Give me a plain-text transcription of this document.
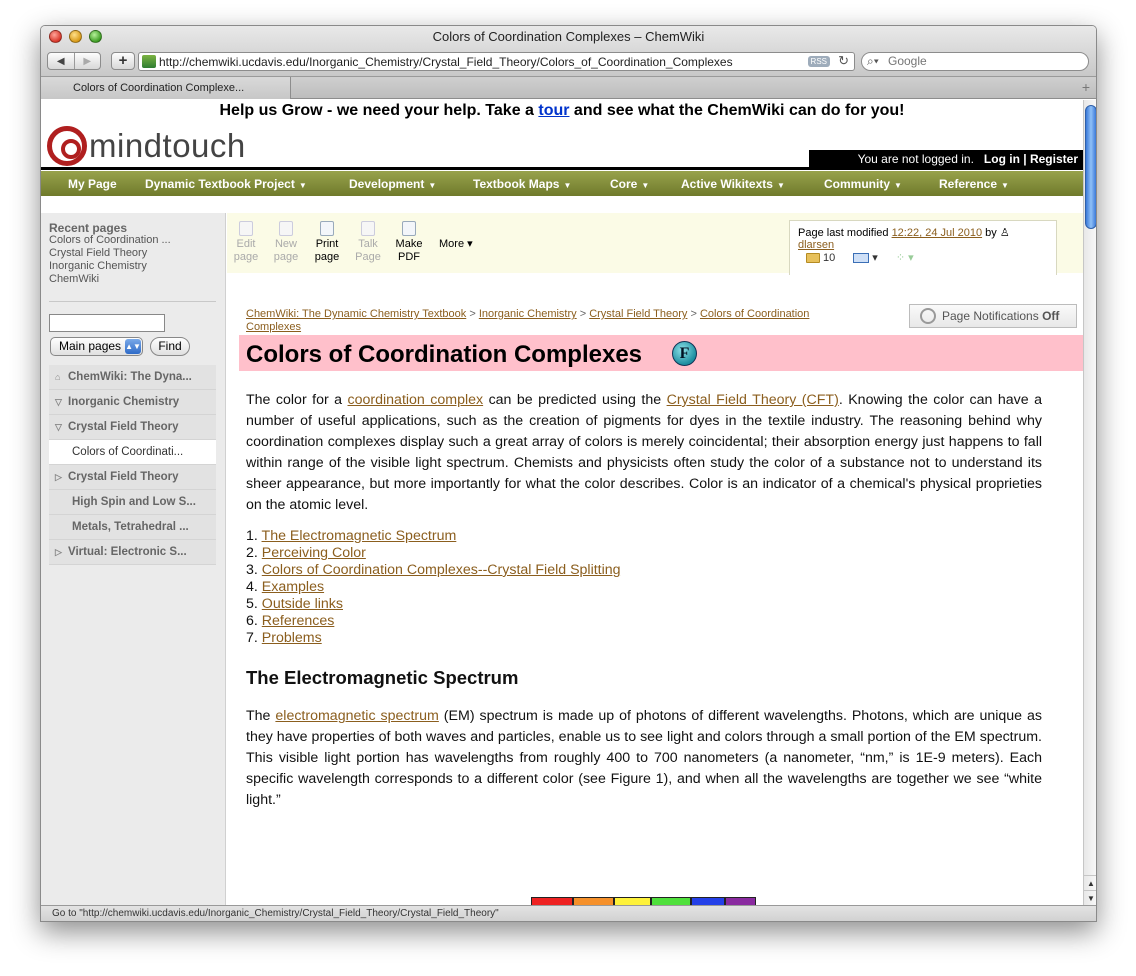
Colors of Coordination Complexes – ChemWiki
◀	▶	+	http://chemwiki.ucdavis.edu/Inorganic_Chemistry/Crystal_Field_Theory/Colors_of_Coordination_Complexes	RSS ↻ ⌕▾
Google
Colors of Coordination Complexe...	+
Help us Grow - we need your help. Take a tour and see what the ChemWiki can do for you!
mindtouch	You are not logged in. Log in | Register
My Page Dynamic Textbook Project ▼	Development ▼	Textbook Maps ▼	Core ▼	Active Wikitexts ▼	Community ▼	Reference ▼
Recent pages
Colors of Coordination ...
Crystal Field Theory
Inorganic Chemistry
ChemWiki
Main pages ▲▼	Find
⌂ ChemWiki: The Dyna...
▽ Inorganic Chemistry
▽ Crystal Field Theory
Colors of Coordinati...
▷ Crystal Field Theory
High Spin and Low S...
Metals, Tetrahedral ...
▷ Virtual: Electronic S...
Edit
page
New
page
Print
page
Talk
Page
Make
PDF
More ▾
Page last modified 12:22, 24 Jul 2010 by ♙ dlarsen
10	▾ ⁘ ▾
ChemWiki: The Dynamic Chemistry Textbook > Inorganic Chemistry > Crystal Field Theory > Colors of Coordination Complexes
Page Notifications Off
Colors of Coordination Complexes	F

The color for a coordination complex can be predicted using the Crystal Field Theory (CFT). Knowing the color can have a number of useful applications, such as the creation of pigments for dyes in the textile industry. The reasoning behind why coordination complexes display such a great array of colors is merely coincidental; their absorption energy just happens to fall within range of the visible light spectrum. Chemists and physicists often study the color of a substance not to understand its sheer appearance, but more importantly for what the color describes. Color is an indicator of a chemical's physical proprieties on the atomic level.

1. The Electromagnetic Spectrum
2. Perceiving Color
3. Colors of Coordination Complexes--Crystal Field Splitting
4. Examples
5. Outside links
6. References
7. Problems
The Electromagnetic Spectrum

The electromagnetic spectrum (EM) spectrum is made up of photons of different wavelengths. Photons, which are unique as they have properties of both waves and particles, enable us to see light and colors through a small portion of the EM spectrum. This visible light portion has wavelengths from roughly 400 to 700 nanometers (a nanometer, “nm,” is 1E-9 meters). Each specific wavelength corresponds to a different color (see Figure 1), and when all the wavelengths are together we see “white light.”

▲
▼
Go to "http://chemwiki.ucdavis.edu/Inorganic_Chemistry/Crystal_Field_Theory/Crystal_Field_Theory"
